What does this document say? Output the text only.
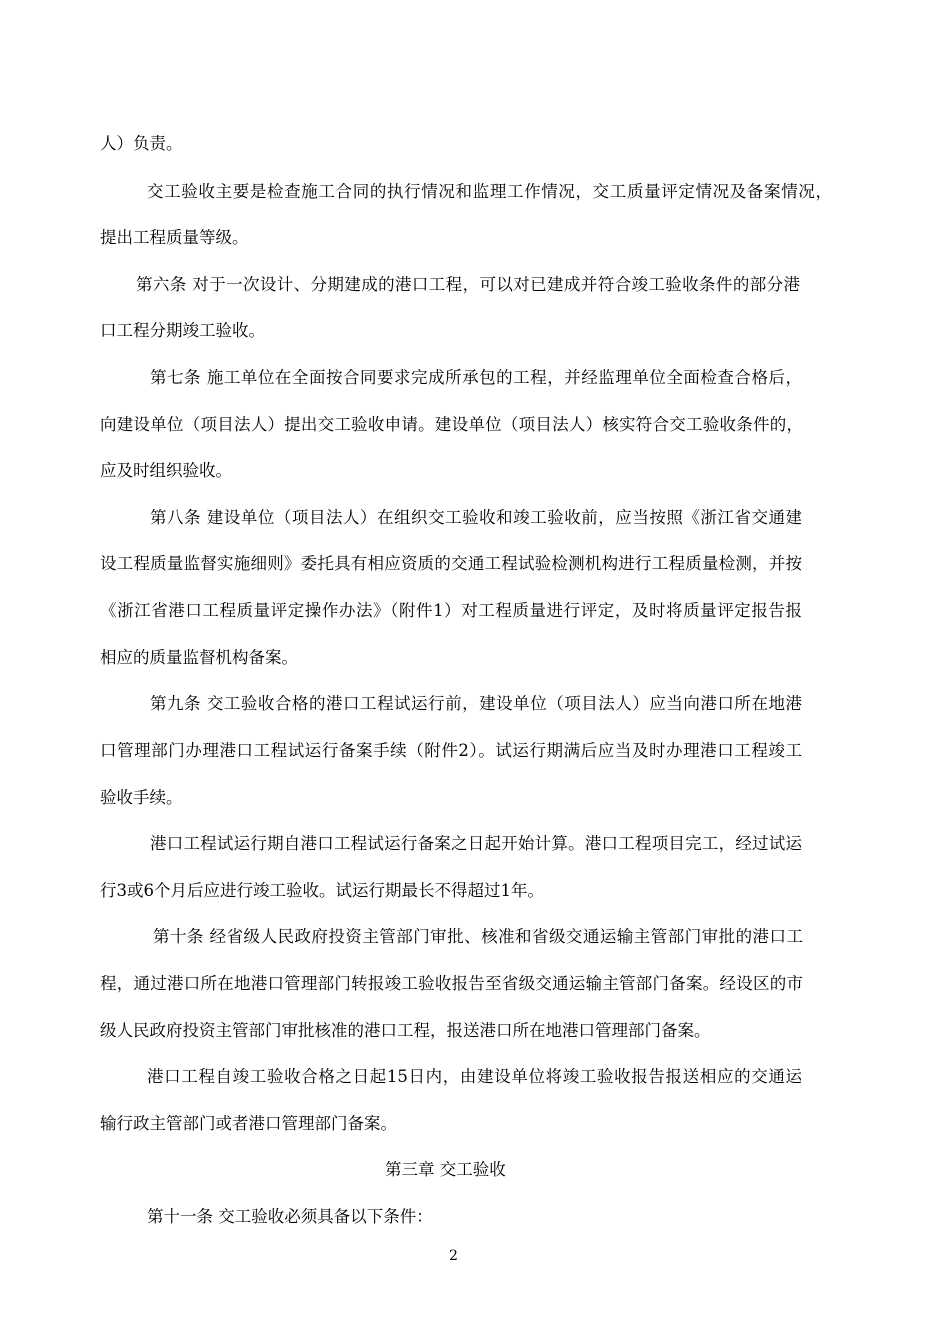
人）负责。
交工验收主要是检查施工合同的执行情况和监理工作情况，交工质量评定情况及备案情况，
提出工程质量等级。
第六条 对于一次设计、分期建成的港口工程，可以对已建成并符合竣工验收条件的部分港
口工程分期竣工验收。
第七条 施工单位在全面按合同要求完成所承包的工程，并经监理单位全面检查合格后，
向建设单位（项目法人）提出交工验收申请。建设单位（项目法人）核实符合交工验收条件的，
应及时组织验收。
第八条 建设单位（项目法人）在组织交工验收和竣工验收前，应当按照《浙江省交通建
设工程质量监督实施细则》委托具有相应资质的交通工程试验检测机构进行工程质量检测，并按
《浙江省港口工程质量评定操作办法》（附件1）对工程质量进行评定，及时将质量评定报告报
相应的质量监督机构备案。
第九条 交工验收合格的港口工程试运行前，建设单位（项目法人）应当向港口所在地港
口管理部门办理港口工程试运行备案手续（附件2）。试运行期满后应当及时办理港口工程竣工
验收手续。
港口工程试运行期自港口工程试运行备案之日起开始计算。港口工程项目完工，经过试运
行3或6个月后应进行竣工验收。试运行期最长不得超过1年。
第十条 经省级人民政府投资主管部门审批、核准和省级交通运输主管部门审批的港口工
程，通过港口所在地港口管理部门转报竣工验收报告至省级交通运输主管部门备案。经设区的市
级人民政府投资主管部门审批核准的港口工程，报送港口所在地港口管理部门备案。
港口工程自竣工验收合格之日起15日内，由建设单位将竣工验收报告报送相应的交通运
输行政主管部门或者港口管理部门备案。
第三章 交工验收
第十一条 交工验收必须具备以下条件：
2
